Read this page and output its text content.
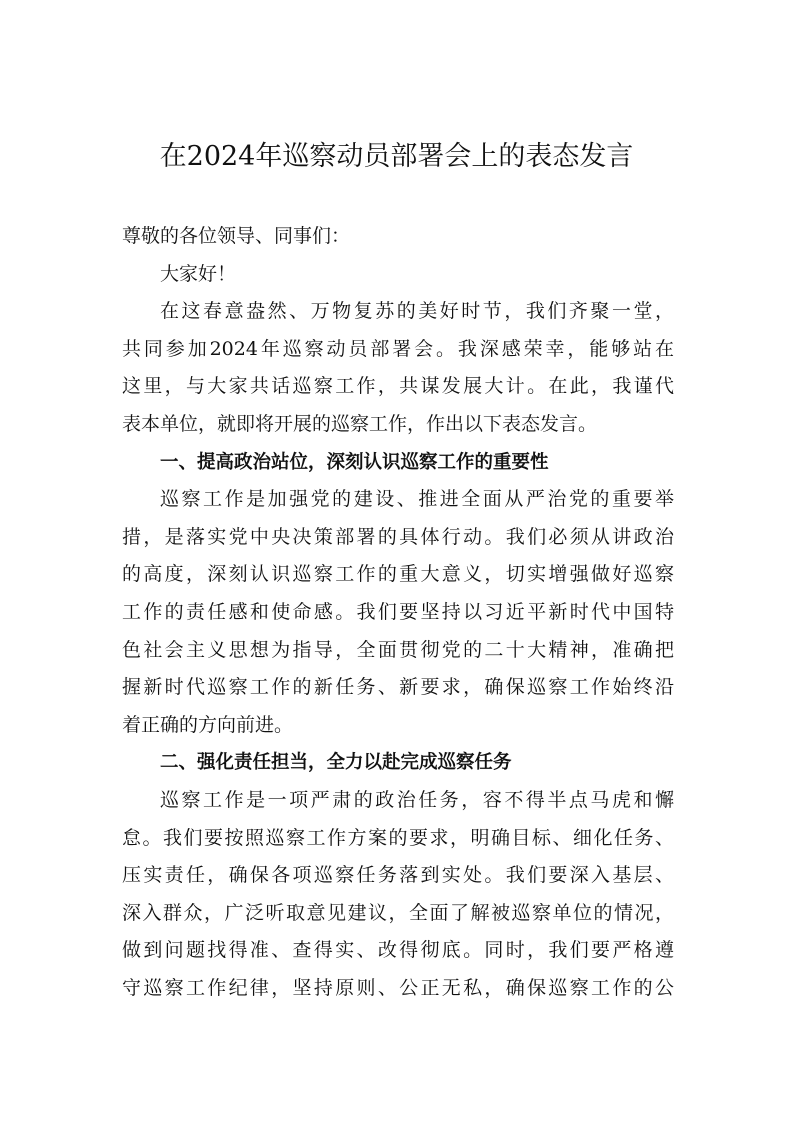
在2024年巡察动员部署会上的表态发言
尊敬的各位领导、同事们：
大家好！
在这春意盎然、万物复苏的美好时节，我们齐聚一堂，
共同参加2024年巡察动员部署会。我深感荣幸，能够站在
这里，与大家共话巡察工作，共谋发展大计。在此，我谨代
表本单位，就即将开展的巡察工作，作出以下表态发言。
一、提高政治站位，深刻认识巡察工作的重要性
巡察工作是加强党的建设、推进全面从严治党的重要举
措，是落实党中央决策部署的具体行动。我们必须从讲政治
的高度，深刻认识巡察工作的重大意义，切实增强做好巡察
工作的责任感和使命感。我们要坚持以习近平新时代中国特
色社会主义思想为指导，全面贯彻党的二十大精神，准确把
握新时代巡察工作的新任务、新要求，确保巡察工作始终沿
着正确的方向前进。
二、强化责任担当，全力以赴完成巡察任务
巡察工作是一项严肃的政治任务，容不得半点马虎和懈
怠。我们要按照巡察工作方案的要求，明确目标、细化任务、
压实责任，确保各项巡察任务落到实处。我们要深入基层、
深入群众，广泛听取意见建议，全面了解被巡察单位的情况，
做到问题找得准、查得实、改得彻底。同时，我们要严格遵
守巡察工作纪律，坚持原则、公正无私，确保巡察工作的公
